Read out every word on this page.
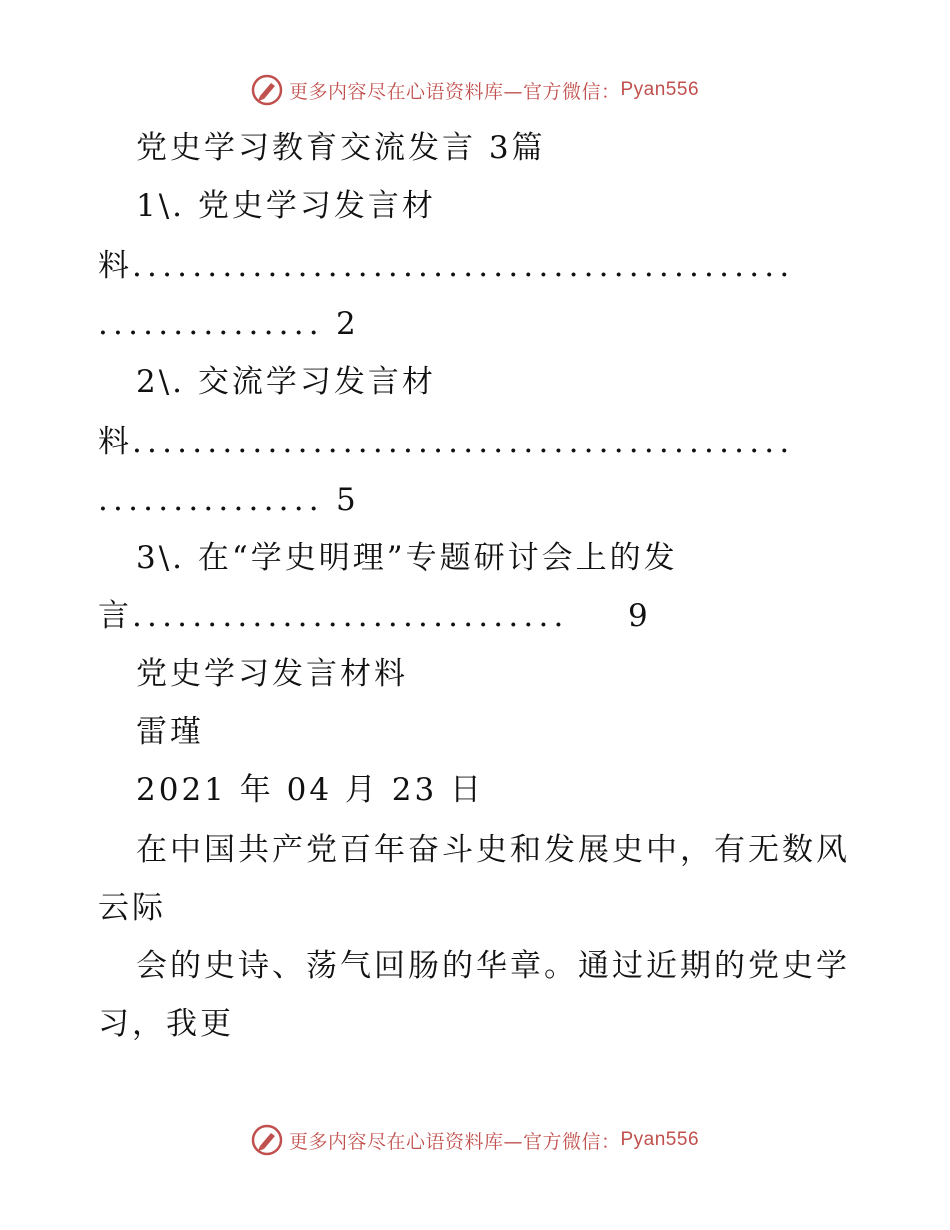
更多内容尽在心语资料库—官方微信： Pyan556
党史学习教育交流发言 3篇
1\. 党史学习发言材
料 ............................................
............... 2
2\. 交流学习发言材
料 ............................................
............... 5
3\. 在“学史明理”专题研讨会上的发
言 .............................	9
党史学习发言材料
雷瑾
2021 年 04 月 23 日
在中国共产党百年奋斗史和发展史中，有无数风
云际
会的史诗、荡气回肠的华章。通过近期的党史学
习，我更
更多内容尽在心语资料库—官方微信： Pyan556
